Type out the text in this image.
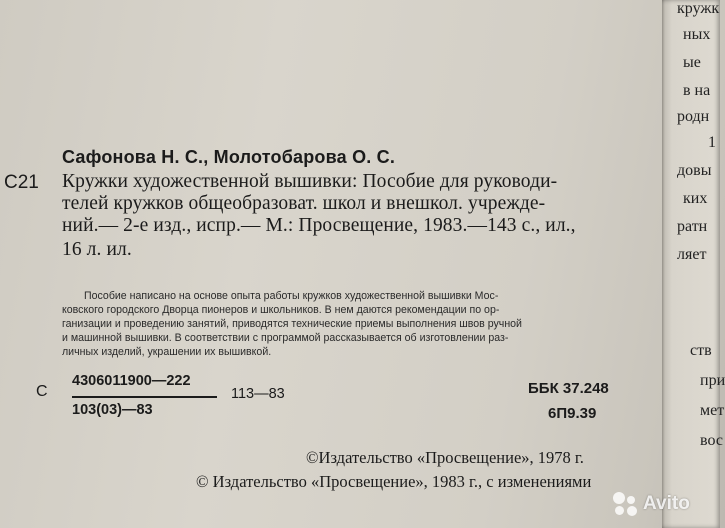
кружк
ных
ые
в на
родн
1
довы
ких
ратн
ляет
ств
при
мет
вос
Сафонова Н. С., Молотобарова О. С.
С21 Кружки художественной вышивки: Пособие для руководи-
телей кружков общеобразоват. школ и внешкол. учрежде-
ний.— 2-е изд., испр.— М.: Просвещение, 1983.—143 с., ил.,
16 л. ил.
Пособие написано на основе опыта работы кружков художественной вышивки Мос-
ковского городского Дворца пионеров и школьников. В нем даются рекомендации по ор-
ганизации и проведению занятий, приводятся технические приемы выполнения швов ручной
и машинной вышивки. В соответствии с программой рассказывается об изготовлении раз-
личных изделий, украшении их вышивкой.
С
4306011900—222
103(03)—83
113—83	ББК 37.248
6П9.39
©Издательство «Просвещение», 1978 г.
© Издательство «Просвещение», 1983 г., с изменениями
Avito
